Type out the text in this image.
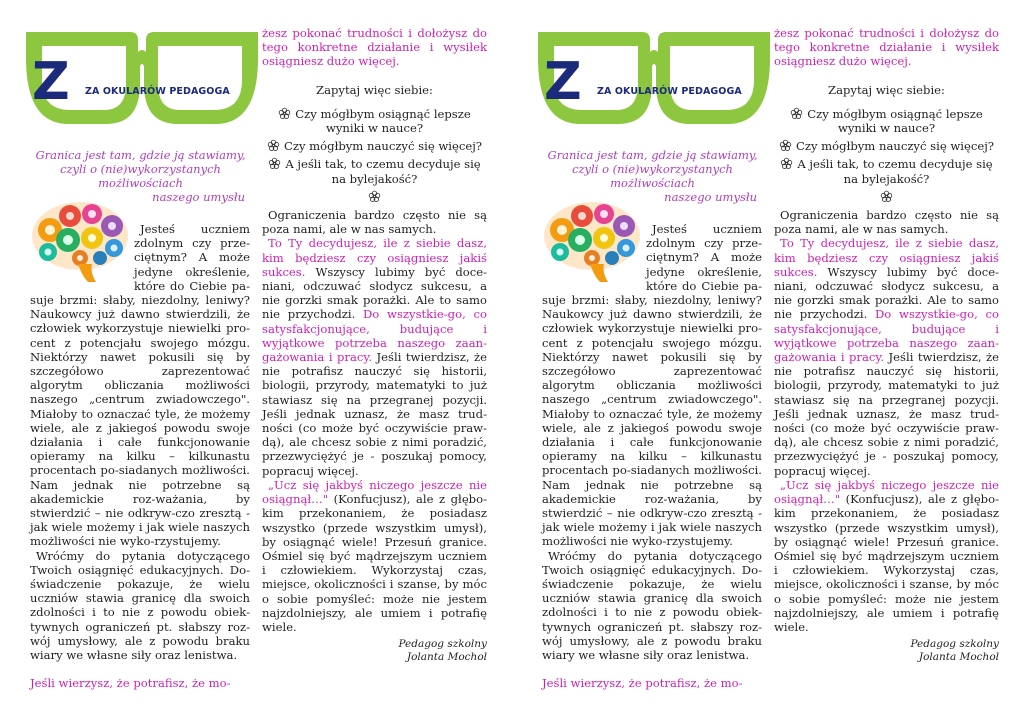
Z ZA OKULARÓW PEDAGOGA
Granica jest tam, gdzie ją stawiamy,
czyli o (nie)wykorzystanych
możliwościach
naszego umysłu

Jesteś uczniem zdolnym czy prze-ciętnym? A może jedyne określenie, które do Ciebie pa-suje brzmi: słaby, niezdolny, leniwy? Naukowcy już dawno stwierdzili, że człowiek wykorzystuje niewielki pro-cent z potencjału swojego mózgu. Niektórzy nawet pokusili się by szczegółowo zaprezentować algorytm obliczania możliwości naszego „centrum zwiadowczego". Miałoby to oznaczać tyle, że możemy wiele, ale z jakiegoś powodu swoje działania i całe funkcjonowanie opieramy na kilku – kilkunastu procentach po-siadanych możliwości. Nam jednak nie potrzebne są akademickie roz-ważania, by stwierdzić – nie odkryw-czo zresztą - jak wiele możemy i jak wiele naszych możliwości nie wyko-rzystujemy.

Wróćmy do pytania dotyczącego Twoich osiągnięć edukacyjnych. Do-świadczenie pokazuje, że wielu uczniów stawia granicę dla swoich zdolności i to nie z powodu obiek-tywnych ograniczeń pt. słabszy roz-wój umysłowy, ale z powodu braku wiary we własne siły oraz lenistwa.

Jeśli wierzysz, że potrafisz, że mo-

żesz pokonać trudności i dołożysz do tego konkretne działanie i wysiłek osiągniesz dużo więcej.

Zapytaj więc siebie:

Czy mógłbym osiągnąć lepsze wyniki w nauce?

Czy mógłbym nauczyć się więcej?

A jeśli tak, to czemu decyduje się na bylejakość?

Ograniczenia bardzo często nie są poza nami, ale w nas samych.

To Ty decydujesz, ile z siebie dasz, kim będziesz czy osiągniesz jakiś sukces. Wszyscy lubimy być doce-niani, odczuwać słodycz sukcesu, a nie gorzki smak porażki. Ale to samo nie przychodzi. Do wszystkie-go, co satysfakcjonujące, budujące i wyjątkowe potrzeba naszego zaan-gażowania i pracy. Jeśli twierdzisz, że nie potrafisz nauczyć się historii, biologii, przyrody, matematyki to już stawiasz się na przegranej pozycji. Jeśli jednak uznasz, że masz trud-ności (co może być oczywiście praw-dą), ale chcesz sobie z nimi poradzić, przezwyciężyć je - poszukaj pomocy, popracuj więcej.

„Ucz się jakbyś niczego jeszcze nie osiągnął…" (Konfucjusz), ale z głębo-kim przekonaniem, że posiadasz wszystko (przede wszystkim umysł), by osiągnąć wiele! Przesuń granice. Ośmiel się być mądrzejszym uczniem i człowiekiem. Wykorzystaj czas, miejsce, okoliczności i szanse, by móc o sobie pomyśleć: może nie jestem najzdolniejszy, ale umiem i potrafię wiele.

Pedagog szkolny
Jolanta Mochol

Z ZA OKULARÓW PEDAGOGA
Granica jest tam, gdzie ją stawiamy,
czyli o (nie)wykorzystanych
możliwościach
naszego umysłu

Jesteś uczniem zdolnym czy prze-ciętnym? A może jedyne określenie, które do Ciebie pa-suje brzmi: słaby, niezdolny, leniwy? Naukowcy już dawno stwierdzili, że człowiek wykorzystuje niewielki pro-cent z potencjału swojego mózgu. Niektórzy nawet pokusili się by szczegółowo zaprezentować algorytm obliczania możliwości naszego „centrum zwiadowczego". Miałoby to oznaczać tyle, że możemy wiele, ale z jakiegoś powodu swoje działania i całe funkcjonowanie opieramy na kilku – kilkunastu procentach po-siadanych możliwości. Nam jednak nie potrzebne są akademickie roz-ważania, by stwierdzić – nie odkryw-czo zresztą - jak wiele możemy i jak wiele naszych możliwości nie wyko-rzystujemy.

Wróćmy do pytania dotyczącego Twoich osiągnięć edukacyjnych. Do-świadczenie pokazuje, że wielu uczniów stawia granicę dla swoich zdolności i to nie z powodu obiek-tywnych ograniczeń pt. słabszy roz-wój umysłowy, ale z powodu braku wiary we własne siły oraz lenistwa.

Jeśli wierzysz, że potrafisz, że mo-

żesz pokonać trudności i dołożysz do tego konkretne działanie i wysiłek osiągniesz dużo więcej.

Zapytaj więc siebie:

Czy mógłbym osiągnąć lepsze wyniki w nauce?

Czy mógłbym nauczyć się więcej?

A jeśli tak, to czemu decyduje się na bylejakość?

Ograniczenia bardzo często nie są poza nami, ale w nas samych.

To Ty decydujesz, ile z siebie dasz, kim będziesz czy osiągniesz jakiś sukces. Wszyscy lubimy być doce-niani, odczuwać słodycz sukcesu, a nie gorzki smak porażki. Ale to samo nie przychodzi. Do wszystkie-go, co satysfakcjonujące, budujące i wyjątkowe potrzeba naszego zaan-gażowania i pracy. Jeśli twierdzisz, że nie potrafisz nauczyć się historii, biologii, przyrody, matematyki to już stawiasz się na przegranej pozycji. Jeśli jednak uznasz, że masz trud-ności (co może być oczywiście praw-dą), ale chcesz sobie z nimi poradzić, przezwyciężyć je - poszukaj pomocy, popracuj więcej.

„Ucz się jakbyś niczego jeszcze nie osiągnął…" (Konfucjusz), ale z głębo-kim przekonaniem, że posiadasz wszystko (przede wszystkim umysł), by osiągnąć wiele! Przesuń granice. Ośmiel się być mądrzejszym uczniem i człowiekiem. Wykorzystaj czas, miejsce, okoliczności i szanse, by móc o sobie pomyśleć: może nie jestem najzdolniejszy, ale umiem i potrafię wiele.

Pedagog szkolny
Jolanta Mochol
